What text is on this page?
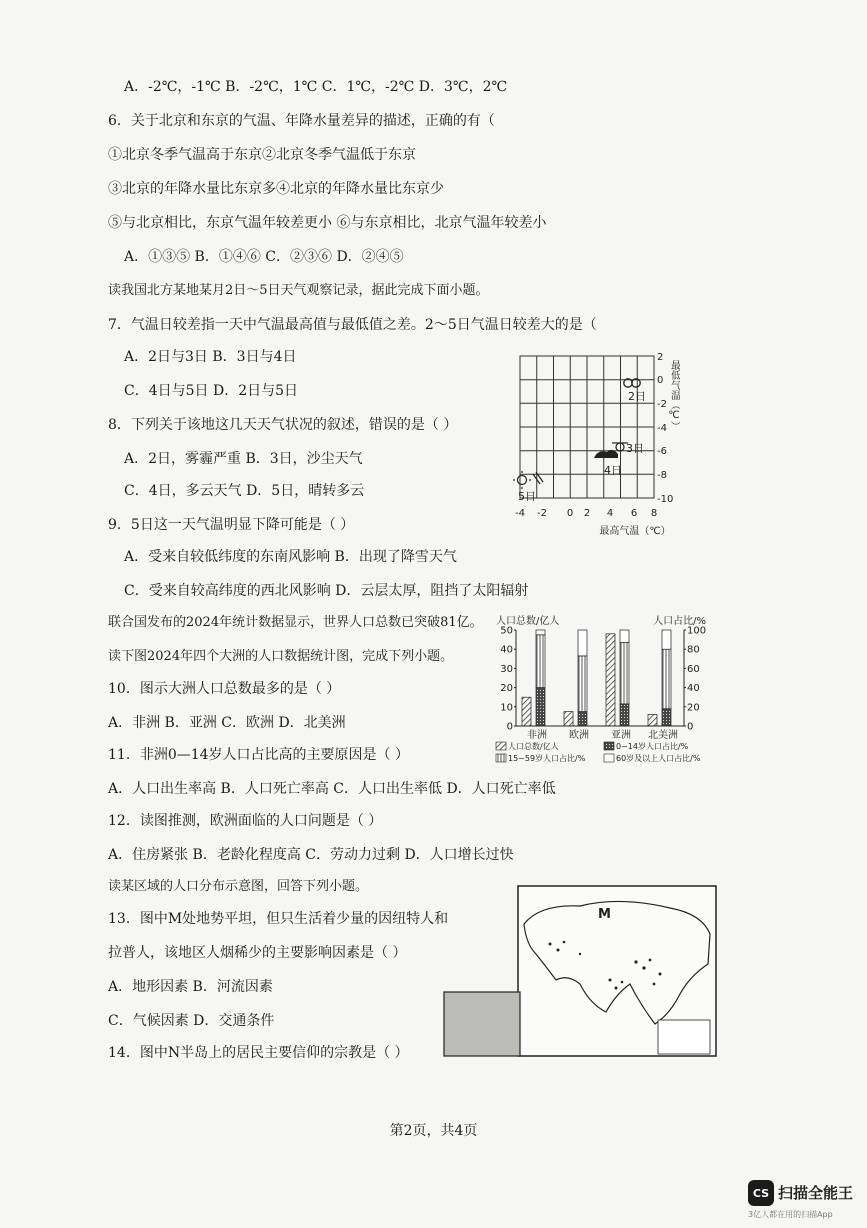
A．-2℃，-1℃ B．-2℃，1℃ C．1℃，-2℃ D．3℃，2℃
6．关于北京和东京的气温、年降水量差异的描述，正确的有（
①北京冬季气温高于东京②北京冬季气温低于东京
③北京的年降水量比东京多④北京的年降水量比东京少
⑤与北京相比，东京气温年较差更小 ⑥与东京相比，北京气温年较差小
A．①③⑤ B．①④⑥ C．②③⑥ D．②④⑤
读我国北方某地某月2日～5日天气观察记录，据此完成下面小题。
7．气温日较差指一天中气温最高值与最低值之差。2～5日气温日较差大的是（
A．2日与3日 B．3日与4日
C．4日与5日 D．2日与5日
8．下列关于该地这几天天气状况的叙述，错误的是（ ）
A．2日，雾霾严重 B．3日，沙尘天气
C．4日，多云天气 D．5日，晴转多云
9．5日这一天气温明显下降可能是（ ）
A．受来自较低纬度的东南风影响 B．出现了降雪天气
C．受来自较高纬度的西北风影响 D．云层太厚，阻挡了太阳辐射
联合国发布的2024年统计数据显示，世界人口总数已突破81亿。
读下图2024年四个大洲的人口数据统计图，完成下列小题。
10．图示大洲人口总数最多的是（ ）
A．非洲 B．亚洲 C．欧洲 D．北美洲
11．非洲0—14岁人口占比高的主要原因是（ ）
A．人口出生率高 B．人口死亡率高 C．人口出生率低 D．人口死亡率低
12．读图推测，欧洲面临的人口问题是（ ）
A．住房紧张 B．老龄化程度高 C．劳动力过剩 D．人口增长过快
读某区域的人口分布示意图，回答下列小题。
13．图中M处地势平坦，但只生活着少量的因纽特人和
拉普人，该地区人烟稀少的主要影响因素是（ ）
A．地形因素 B．河流因素
C．气候因素 D．交通条件
14．图中N半岛上的居民主要信仰的宗教是（ ）
-4 -2 0 2 4 6 8
2
0
-2
-4
-6
-8
-10
最高气温（℃）
最低气温（℃）
2日
3日
4日
5日
人口总数/亿人	人口占比/%
0
10
20
30
40
50
0
20
40
60
80
100
非洲 欧洲 亚洲 北美洲
人口总数/亿人	0~14岁人口占比/%
15~59岁人口占比/%	60岁及以上人口占比/%
M
第2页，共4页
CS 扫描全能王
3亿人都在用的扫描App
